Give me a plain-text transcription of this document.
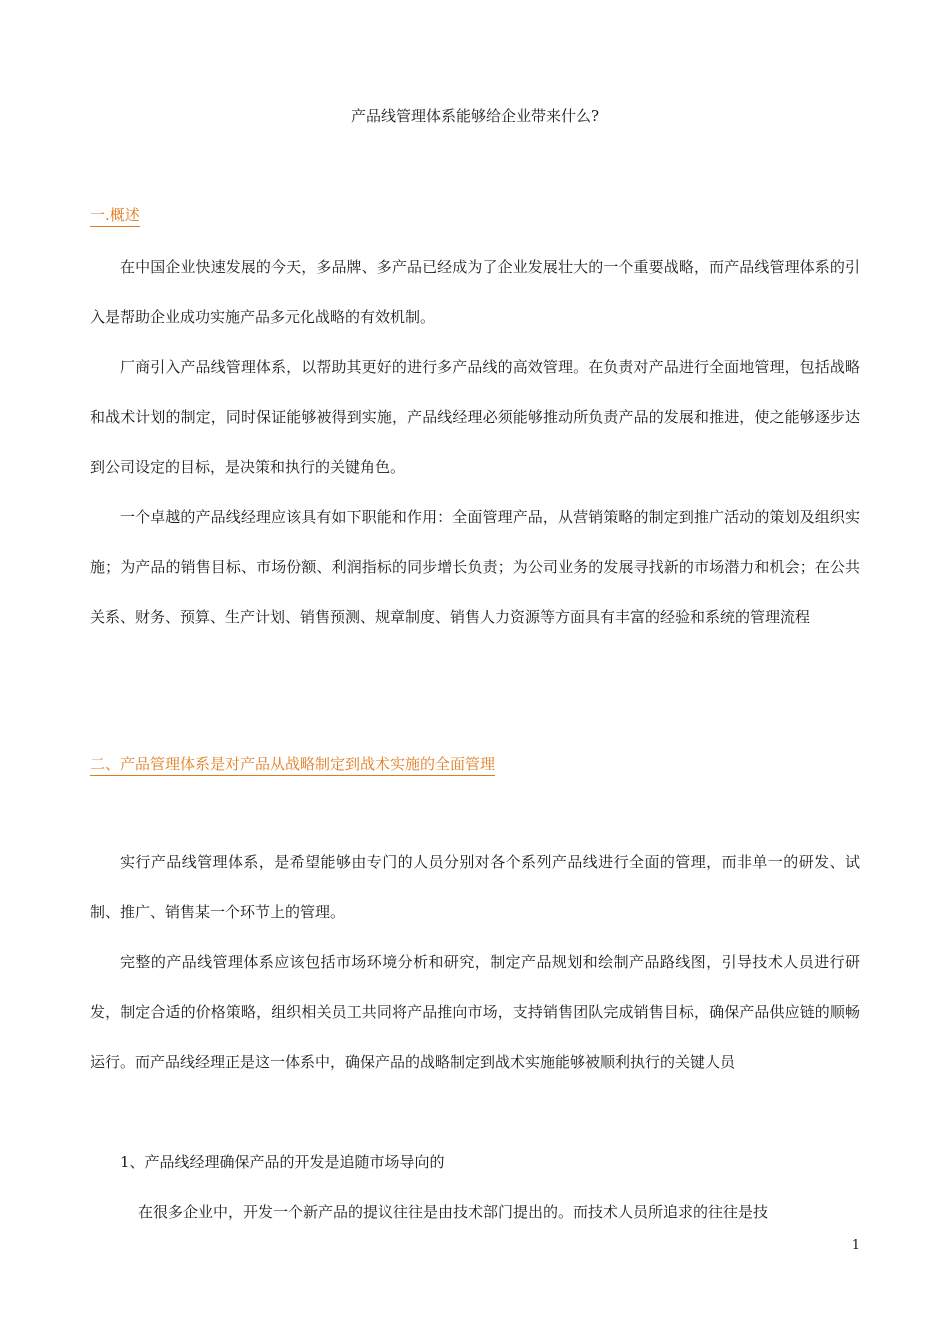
产品线管理体系能够给企业带来什么?
一.概述

在中国企业快速发展的今天，多品牌、多产品已经成为了企业发展壮大的一个重要战略，而产品线管理体系的引入是帮助企业成功实施产品多元化战略的有效机制。

厂商引入产品线管理体系，以帮助其更好的进行多产品线的高效管理。在负责对产品进行全面地管理，包括战略和战术计划的制定，同时保证能够被得到实施，产品线经理必须能够推动所负责产品的发展和推进，使之能够逐步达到公司设定的目标，是决策和执行的关键角色。

一个卓越的产品线经理应该具有如下职能和作用：全面管理产品，从营销策略的制定到推广活动的策划及组织实施；为产品的销售目标、市场份额、利润指标的同步增长负责；为公司业务的发展寻找新的市场潜力和机会；在公共关系、财务、预算、生产计划、销售预测、规章制度、销售人力资源等方面具有丰富的经验和系统的管理流程

二、产品管理体系是对产品从战略制定到战术实施的全面管理

实行产品线管理体系，是希望能够由专门的人员分别对各个系列产品线进行全面的管理，而非单一的研发、试制、推广、销售某一个环节上的管理。

完整的产品线管理体系应该包括市场环境分析和研究，制定产品规划和绘制产品路线图，引导技术人员进行研发，制定合适的价格策略，组织相关员工共同将产品推向市场，支持销售团队完成销售目标，确保产品供应链的顺畅运行。而产品线经理正是这一体系中，确保产品的战略制定到战术实施能够被顺利执行的关键人员

1、产品线经理确保产品的开发是追随市场导向的

在很多企业中，开发一个新产品的提议往往是由技术部门提出的。而技术人员所追求的往往是技

1
